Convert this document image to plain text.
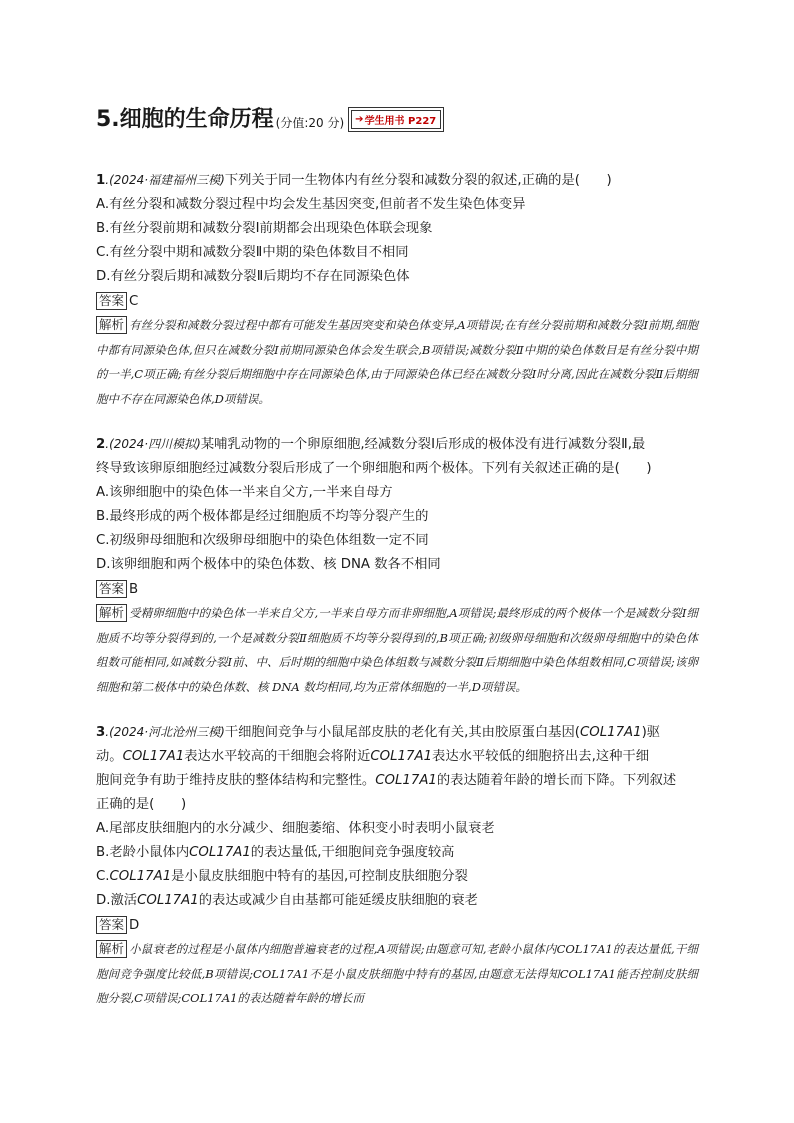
5.细胞的生命历程 (分值:20 分) ➔ 学生用书 P227
1.(2024·福建福州三模)下列关于同一生物体内有丝分裂和减数分裂的叙述,正确的是(　　)
A.有丝分裂和减数分裂过程中均会发生基因突变,但前者不发生染色体变异
B.有丝分裂前期和减数分裂Ⅰ前期都会出现染色体联会现象
C.有丝分裂中期和减数分裂Ⅱ中期的染色体数目不相同
D.有丝分裂后期和减数分裂Ⅱ后期均不存在同源染色体
答案 C
解析 有丝分裂和减数分裂过程中都有可能发生基因突变和染色体变异,A项错误;在有丝分裂前期和减数分裂Ⅰ前期,细胞中都有同源染色体,但只在减数分裂Ⅰ前期同源染色体会发生联会,B项错误;减数分裂Ⅱ中期的染色体数目是有丝分裂中期的一半,C项正确;有丝分裂后期细胞中存在同源染色体,由于同源染色体已经在减数分裂Ⅰ时分离,因此在减数分裂Ⅱ后期细胞中不存在同源染色体,D项错误。
2.(2024·四川模拟)某哺乳动物的一个卵原细胞,经减数分裂Ⅰ后形成的极体没有进行减数分裂Ⅱ,最
终导致该卵原细胞经过减数分裂后形成了一个卵细胞和两个极体。下列有关叙述正确的是(　　)
A.该卵细胞中的染色体一半来自父方,一半来自母方
B.最终形成的两个极体都是经过细胞质不均等分裂产生的
C.初级卵母细胞和次级卵母细胞中的染色体组数一定不同
D.该卵细胞和两个极体中的染色体数、核 DNA 数各不相同
答案 B
解析 受精卵细胞中的染色体一半来自父方,一半来自母方而非卵细胞,A项错误;最终形成的两个极体一个是减数分裂Ⅰ细胞质不均等分裂得到的,一个是减数分裂Ⅱ细胞质不均等分裂得到的,B项正确;初级卵母细胞和次级卵母细胞中的染色体组数可能相同,如减数分裂Ⅰ前、中、后时期的细胞中染色体组数与减数分裂Ⅱ后期细胞中染色体组数相同,C项错误;该卵细胞和第二极体中的染色体数、核 DNA 数均相同,均为正常体细胞的一半,D项错误。
3.(2024·河北沧州三模)干细胞间竞争与小鼠尾部皮肤的老化有关,其由胶原蛋白基因(COL17A1)驱
动。COL17A1表达水平较高的干细胞会将附近COL17A1表达水平较低的细胞挤出去,这种干细
胞间竞争有助于维持皮肤的整体结构和完整性。COL17A1的表达随着年龄的增长而下降。下列叙述
正确的是(　　)
A.尾部皮肤细胞内的水分减少、细胞萎缩、体积变小时表明小鼠衰老
B.老龄小鼠体内COL17A1的表达量低,干细胞间竞争强度较高
C.COL17A1是小鼠皮肤细胞中特有的基因,可控制皮肤细胞分裂
D.激活COL17A1的表达或减少自由基都可能延缓皮肤细胞的衰老
答案 D
解析 小鼠衰老的过程是小鼠体内细胞普遍衰老的过程,A项错误;由题意可知,老龄小鼠体内COL17A1的表达量低,干细胞间竞争强度比较低,B项错误;COL17A1不是小鼠皮肤细胞中特有的基因,由题意无法得知COL17A1能否控制皮肤细胞分裂,C项错误;COL17A1的表达随着年龄的增长而
